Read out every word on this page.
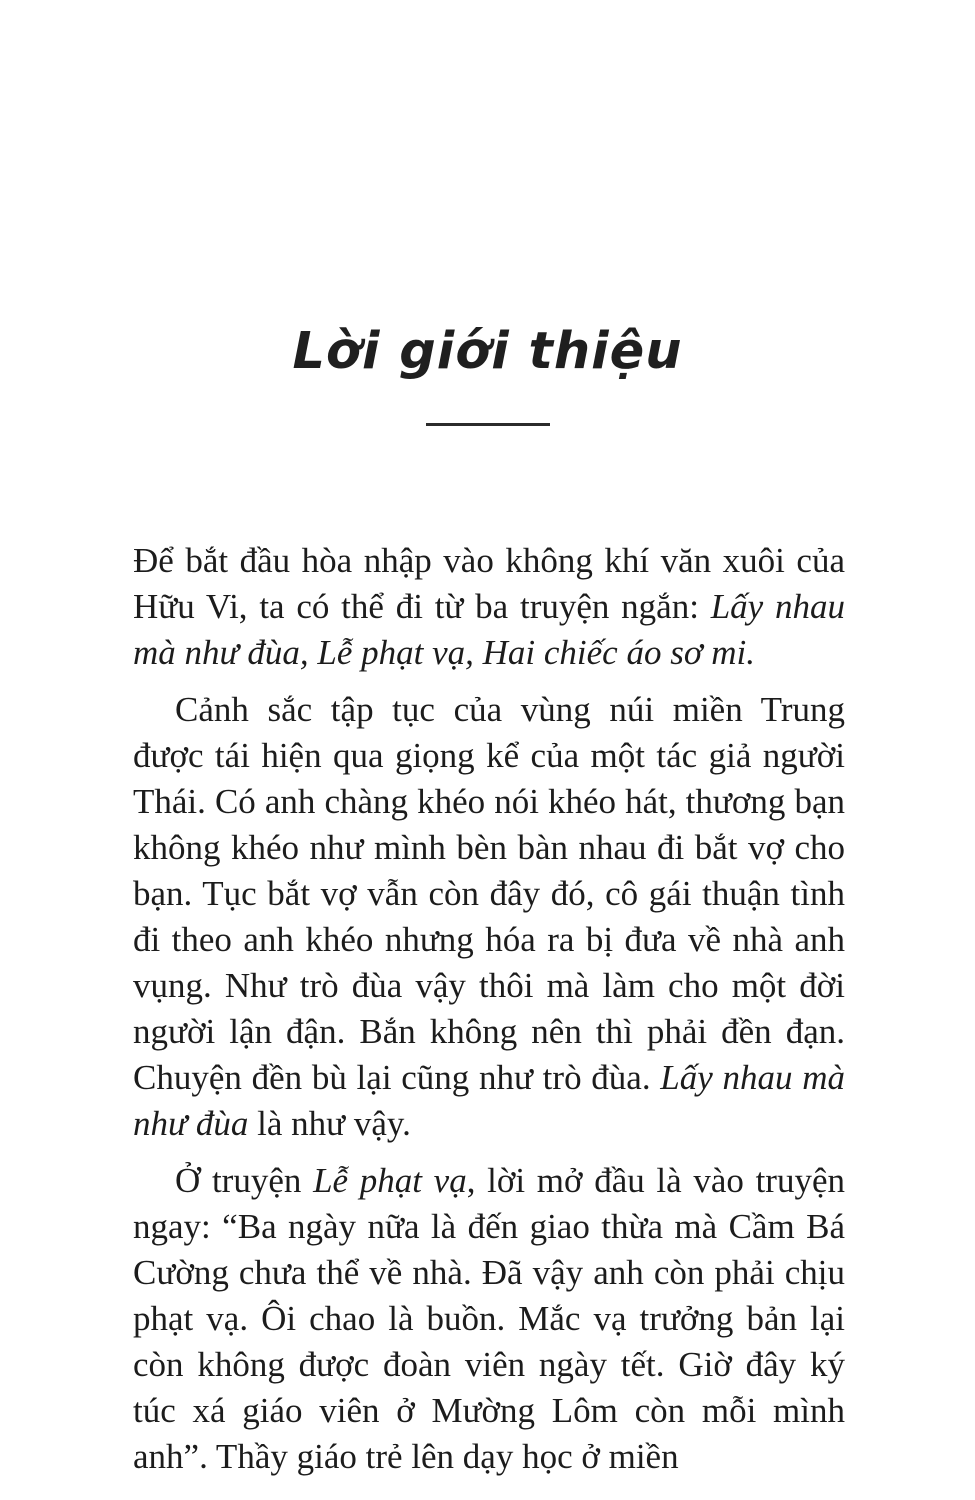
Lời giới thiệu

Để bắt đầu hòa nhập vào không khí văn xuôi của Hữu Vi, ta có thể đi từ ba truyện ngắn: Lấy nhau mà như đùa, Lễ phạt vạ, Hai chiếc áo sơ mi.

Cảnh sắc tập tục của vùng núi miền Trung được tái hiện qua giọng kể của một tác giả người Thái. Có anh chàng khéo nói khéo hát, thương bạn không khéo như mình bèn bàn nhau đi bắt vợ cho bạn. Tục bắt vợ vẫn còn đây đó, cô gái thuận tình đi theo anh khéo nhưng hóa ra bị đưa về nhà anh vụng. Như trò đùa vậy thôi mà làm cho một đời người lận đận. Bắn không nên thì phải đền đạn. Chuyện đền bù lại cũng như trò đùa. Lấy nhau mà như đùa là như vậy.

Ở truyện Lễ phạt vạ, lời mở đầu là vào truyện ngay: “Ba ngày nữa là đến giao thừa mà Cầm Bá Cường chưa thể về nhà. Đã vậy anh còn phải chịu phạt vạ. Ôi chao là buồn. Mắc vạ trưởng bản lại còn không được đoàn viên ngày tết. Giờ đây ký túc xá giáo viên ở Mường Lôm còn mỗi mình anh”. Thầy giáo trẻ lên dạy học ở miền
